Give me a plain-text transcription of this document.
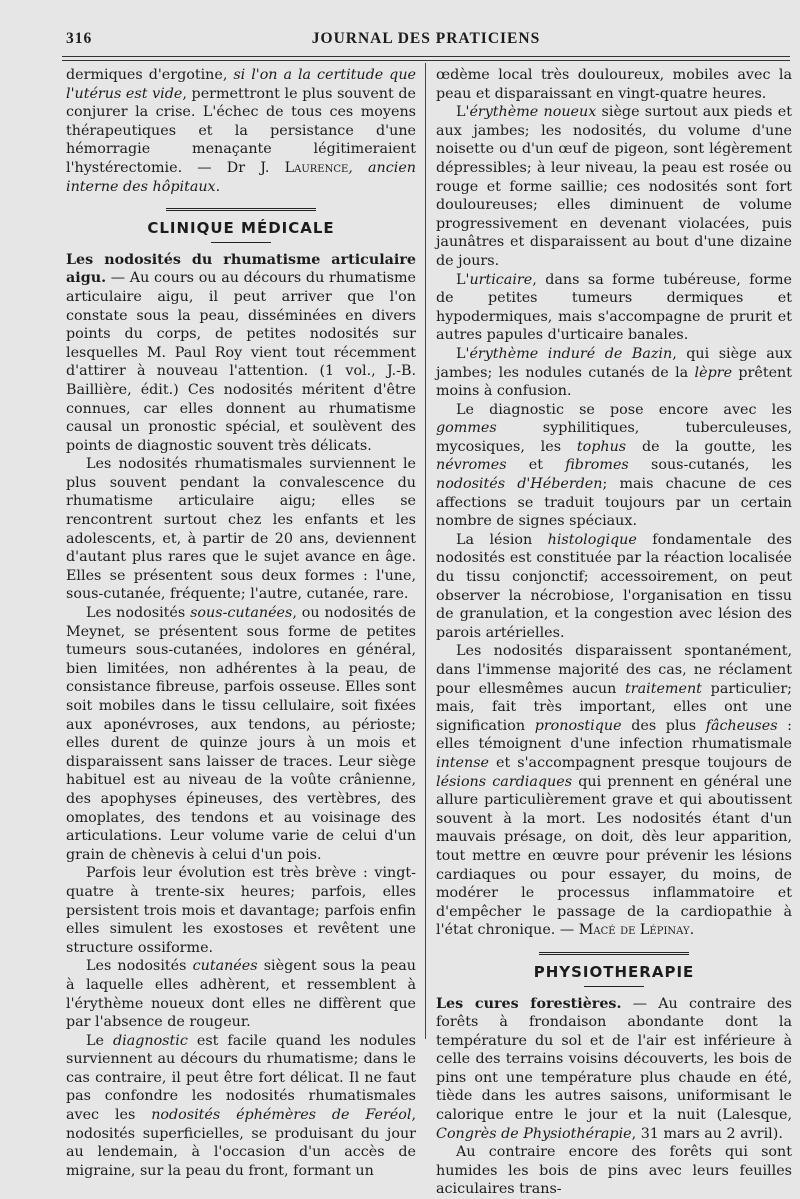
316	JOURNAL DES PRATICIENS

dermiques d'ergotine, si l'on a la certitude que l'utérus est vide, permettront le plus souvent de conjurer la crise. L'échec de tous ces moyens thérapeutiques et la persistance d'une hémorragie menaçante légitimeraient l'hystérectomie. — Dr J. Laurence, ancien interne des hôpitaux.

CLINIQUE MÉDICALE

Les nodosités du rhumatisme articulaire aigu. — Au cours ou au décours du rhumatisme articulaire aigu, il peut arriver que l'on constate sous la peau, disséminées en divers points du corps, de petites nodosités sur lesquelles M. Paul Roy vient tout récemment d'attirer à nouveau l'attention. (1 vol., J.-B. Baillière, édit.) Ces nodosités méritent d'être connues, car elles donnent au rhumatisme causal un pronostic spécial, et soulèvent des points de diagnostic souvent très délicats.

Les nodosités rhumatismales surviennent le plus souvent pendant la convalescence du rhumatisme articulaire aigu; elles se rencontrent surtout chez les enfants et les adolescents, et, à partir de 20 ans, deviennent d'autant plus rares que le sujet avance en âge. Elles se présentent sous deux formes : l'une, sous-cutanée, fréquente; l'autre, cutanée, rare.

Les nodosités sous-cutanées, ou nodosités de Meynet, se présentent sous forme de petites tumeurs sous-cutanées, indolores en général, bien limitées, non adhérentes à la peau, de consistance fibreuse, parfois osseuse. Elles sont soit mobiles dans le tissu cellulaire, soit fixées aux aponévroses, aux tendons, au périoste; elles durent de quinze jours à un mois et disparaissent sans laisser de traces. Leur siège habituel est au niveau de la voûte crânienne, des apophyses épineuses, des vertèbres, des omoplates, des tendons et au voisinage des articulations. Leur volume varie de celui d'un grain de chènevis à celui d'un pois.

Parfois leur évolution est très brève : vingt-quatre à trente-six heures; parfois, elles persistent trois mois et davantage; parfois enfin elles simulent les exostoses et revêtent une structure ossiforme.

Les nodosités cutanées siègent sous la peau à laquelle elles adhèrent, et ressemblent à l'érythème noueux dont elles ne diffèrent que par l'absence de rougeur.

Le diagnostic est facile quand les nodules surviennent au décours du rhumatisme; dans le cas contraire, il peut être fort délicat. Il ne faut pas confondre les nodosités rhumatismales avec les nodosités éphémères de Feréol, nodosités superficielles, se produisant du jour au lendemain, à l'occasion d'un accès de migraine, sur la peau du front, formant un

œdème local très douloureux, mobiles avec la peau et disparaissant en vingt-quatre heures.

L'érythème noueux siège surtout aux pieds et aux jambes; les nodosités, du volume d'une noisette ou d'un œuf de pigeon, sont légèrement dépressibles; à leur niveau, la peau est rosée ou rouge et forme saillie; ces nodosités sont fort douloureuses; elles diminuent de volume progressivement en devenant violacées, puis jaunâtres et disparaissent au bout d'une dizaine de jours.

L'urticaire, dans sa forme tubéreuse, forme de petites tumeurs dermiques et hypodermiques, mais s'accompagne de prurit et autres papules d'urticaire banales.

L'érythème induré de Bazin, qui siège aux jambes; les nodules cutanés de la lèpre prêtent moins à confusion.

Le diagnostic se pose encore avec les gommes syphilitiques, tuberculeuses, mycosiques, les tophus de la goutte, les névromes et fibromes sous-cutanés, les nodosités d'Héberden; mais chacune de ces affections se traduit toujours par un certain nombre de signes spéciaux.

La lésion histologique fondamentale des nodosités est constituée par la réaction localisée du tissu conjonctif; accessoirement, on peut observer la nécrobiose, l'organisation en tissu de granulation, et la congestion avec lésion des parois artérielles.

Les nodosités disparaissent spontanément, dans l'immense majorité des cas, ne réclament pour ellesmêmes aucun traitement particulier; mais, fait très important, elles ont une signification pronostique des plus fâcheuses : elles témoignent d'une infection rhumatismale intense et s'accompagnent presque toujours de lésions cardiaques qui prennent en général une allure particulièrement grave et qui aboutissent souvent à la mort. Les nodosités étant d'un mauvais présage, on doit, dès leur apparition, tout mettre en œuvre pour prévenir les lésions cardiaques ou pour essayer, du moins, de modérer le processus inflammatoire et d'empêcher le passage de la cardiopathie à l'état chronique. — Macé de Lépinay.

PHYSIOTHERAPIE

Les cures forestières. — Au contraire des forêts à frondaison abondante dont la température du sol et de l'air est inférieure à celle des terrains voisins découverts, les bois de pins ont une température plus chaude en été, tiède dans les autres saisons, uniformisant le calorique entre le jour et la nuit (Lalesque, Congrès de Physiothérapie, 31 mars au 2 avril).

Au contraire encore des forêts qui sont humides les bois de pins avec leurs feuilles aciculaires trans-
